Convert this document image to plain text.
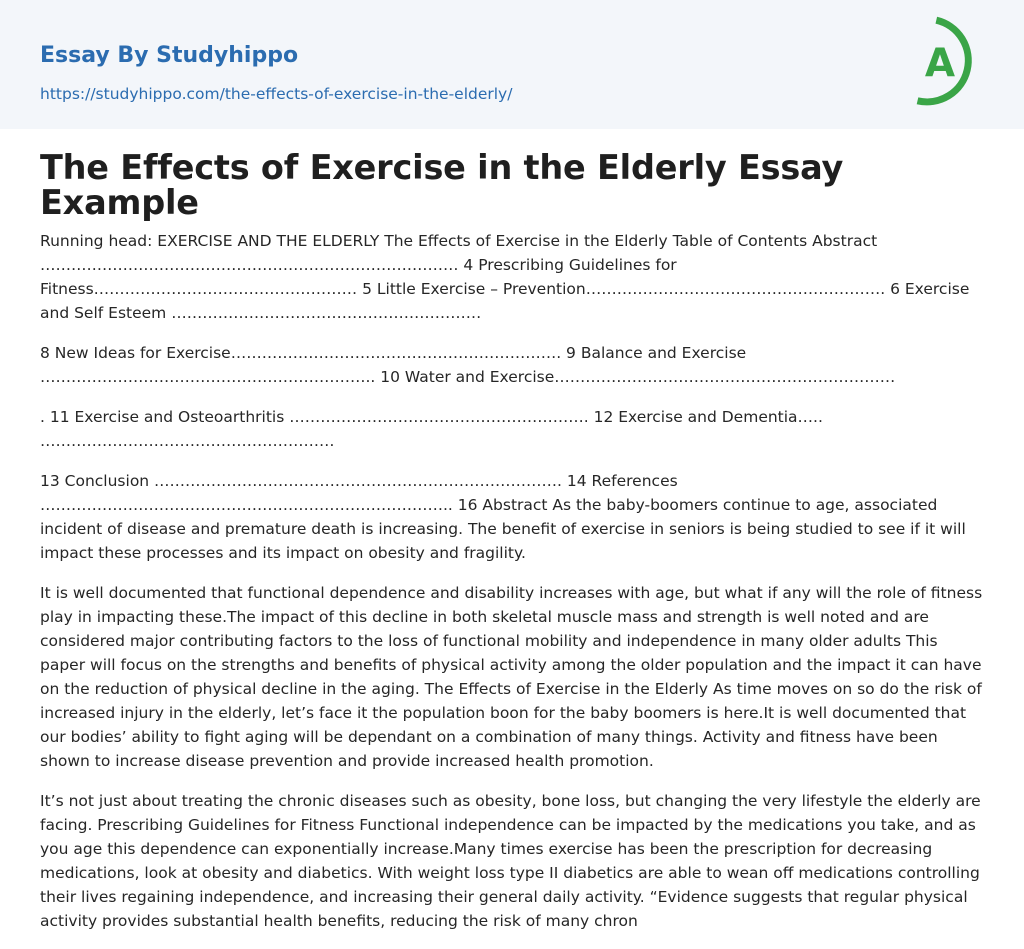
Essay By Studyhippo
https://studyhippo.com/the-effects-of-exercise-in-the-elderly/
A
The Effects of Exercise in the Elderly Essay Example

Running head: EXERCISE AND THE ELDERLY The Effects of Exercise in the Elderly Table of Contents Abstract ……………………………………………………………………… 4 Prescribing Guidelines for Fitness…………………………………………… 5 Little Exercise – Prevention…………………………………………………. 6 Exercise and Self Esteem ……………………………………………………

8 New Ideas for Exercise………………………………………………………. 9 Balance and Exercise ……………………………………………………….. 10 Water and Exercise…………………………………………………………

. 11 Exercise and Osteoarthritis …………………………………………………. 12 Exercise and Dementia….. …………………………………………………

13 Conclusion ……………………………………………………………………. 14 References …………………………………………………………………….. 16 Abstract As the baby-boomers continue to age, associated incident of disease and premature death is increasing. The benefit of exercise in seniors is being studied to see if it will impact these processes and its impact on obesity and fragility.

It is well documented that functional dependence and disability increases with age, but what if any will the role of fitness play in impacting these.The impact of this decline in both skeletal muscle mass and strength is well noted and are considered major contributing factors to the loss of functional mobility and independence in many older adults This paper will focus on the strengths and benefits of physical activity among the older population and the impact it can have on the reduction of physical decline in the aging. The Effects of Exercise in the Elderly As time moves on so do the risk of increased injury in the elderly, let’s face it the population boon for the baby boomers is here.It is well documented that our bodies’ ability to fight aging will be dependant on a combination of many things. Activity and fitness have been shown to increase disease prevention and provide increased health promotion.

It’s not just about treating the chronic diseases such as obesity, bone loss, but changing the very lifestyle the elderly are facing. Prescribing Guidelines for Fitness Functional independence can be impacted by the medications you take, and as you age this dependence can exponentially increase.Many times exercise has been the prescription for decreasing medications, look at obesity and diabetics. With weight loss type II diabetics are able to wean off medications controlling their lives regaining independence, and increasing their general daily activity. “Evidence suggests that regular physical activity provides substantial health benefits, reducing the risk of many chron
